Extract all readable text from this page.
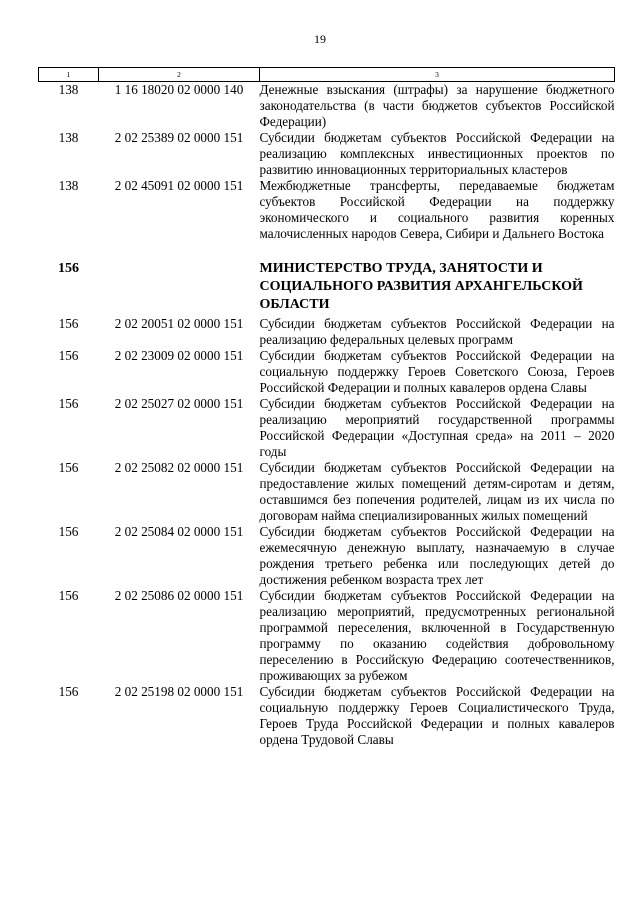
19
1	2	3
138	1 16 18020 02 0000 140	Денежные взыскания (штрафы) за нарушение бюджетного законодательства (в части бюджетов субъектов Российской Федерации)
138	2 02 25389 02 0000 151	Субсидии бюджетам субъектов Российской Федерации на реализацию комплексных инвестиционных проектов по развитию инновационных территориальных кластеров
138	2 02 45091 02 0000 151	Межбюджетные трансферты, передаваемые бюджетам субъектов Российской Федерации на поддержку экономического и социального развития коренных малочисленных народов Севера, Сибири и Дальнего Востока
156		МИНИСТЕРСТВО ТРУДА, ЗАНЯТОСТИ И СОЦИАЛЬНОГО РАЗВИТИЯ АРХАНГЕЛЬСКОЙ ОБЛАСТИ
156	2 02 20051 02 0000 151	Субсидии бюджетам субъектов Российской Федерации на реализацию федеральных целевых программ
156	2 02 23009 02 0000 151	Субсидии бюджетам субъектов Российской Федерации на социальную поддержку Героев Советского Союза, Героев Российской Федерации и полных кавалеров ордена Славы
156	2 02 25027 02 0000 151	Субсидии бюджетам субъектов Российской Федерации на реализацию мероприятий государственной программы Российской Федерации «Доступная среда» на 2011 – 2020 годы
156	2 02 25082 02 0000 151	Субсидии бюджетам субъектов Российской Федерации на предоставление жилых помещений детям-сиротам и детям, оставшимся без попечения родителей, лицам из их числа по договорам найма специализированных жилых помещений
156	2 02 25084 02 0000 151	Субсидии бюджетам субъектов Российской Федерации на ежемесячную денежную выплату, назначаемую в случае рождения третьего ребенка или последующих детей до достижения ребенком возраста трех лет
156	2 02 25086 02 0000 151	Субсидии бюджетам субъектов Российской Федерации на реализацию мероприятий, предусмотренных региональной программой переселения, включенной в Государственную программу по оказанию содействия добровольному переселению в Российскую Федерацию соотечественников, проживающих за рубежом
156	2 02 25198 02 0000 151	Субсидии бюджетам субъектов Российской Федерации на социальную поддержку Героев Социалистического Труда, Героев Труда Российской Федерации и полных кавалеров ордена Трудовой Славы
